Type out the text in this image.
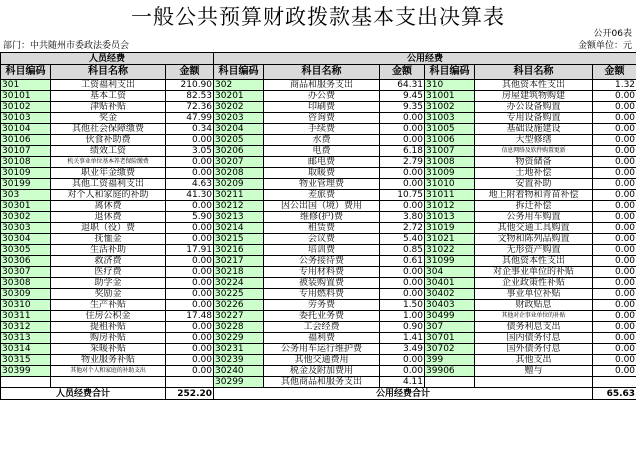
一般公共预算财政拨款基本支出决算表
公开06表
部门：中共随州市委政法委员会	金额单位：元
人员经费			公用经费					
科目编码	科目名称	金额	科目编码	科目名称	金额	科目编码	科目名称	金额
301	工资福利支出	210.90	302	商品和服务支出	64.31	310	其他资本性支出	1.32
30101	基本工资	82.53	30201	办公费	9.45	31001	房屋建筑物购建	0.00
30102	津贴补贴	72.36	30202	印刷费	9.35	31002	办公设备购置	0.00
30103	奖金	47.99	30203	咨询费	0.00	31003	专用设备购置	0.00
30104	其他社会保障缴费	0.34	30204	手续费	0.00	31005	基础设施建设	0.00
30106	伙食补助费	0.00	30205	水费	0.00	31006	大型修缮	0.00
30107	绩效工资	3.05	30206	电费	6.18	31007	信息网络及软件购置更新	0.00
30108	机关事业单位基本养老保险缴费	0.00	30207	邮电费	2.79	31008	物资储备	0.00
30109	职业年金缴费	0.00	30208	取暖费	0.00	31009	土地补偿	0.00
30199	其他工资福利支出	4.63	30209	物业管理费	0.00	31010	安置补助	0.00
303	对个人和家庭的补助	41.30	30211	差旅费	10.75	31011	地上附着物和青苗补偿	0.00
30301	离休费	0.00	30212	因公出国（境）费用	0.00	31012	拆迁补偿	0.00
30302	退休费	5.90	30213	维修(护)费	3.80	31013	公务用车购置	0.00
30303	退职（役）费	0.00	30214	租赁费	2.72	31019	其他交通工具购置	0.00
30304	抚恤金	0.00	30215	会议费	5.40	31021	文物和陈列品购置	0.00
30305	生活补助	17.91	30216	培训费	0.85	31022	无形资产购置	0.00
30306	救济费	0.00	30217	公务接待费	0.61	31099	其他资本性支出	0.00
30307	医疗费	0.00	30218	专用材料费	0.00	304	对企事业单位的补贴	0.00
30308	助学金	0.00	30224	被装购置费	0.00	30401	企业政策性补贴	0.00
30309	奖励金	0.00	30225	专用燃料费	0.00	30402	事业单位补贴	0.00
30310	生产补贴	0.00	30226	劳务费	1.50	30403	财政贴息	0.00
30311	住房公积金	17.48	30227	委托业务费	1.00	30499	其他对企事业单位的补贴	0.00
30312	提租补贴	0.00	30228	工会经费	0.90	307	债务利息支出	0.00
30313	购房补贴	0.00	30229	福利费	1.41	30701	国内债务付息	0.00
30314	采暖补贴	0.00	30231	公务用车运行维护费	3.49	30702	国外债务付息	0.00
30315	物业服务补贴	0.00	30239	其他交通费用	0.00	399	其他支出	0.00
30399	其他对个人和家庭的补助支出	0.00	30240	税金及附加费用	0.00	39906	赠与	0.00
			30299	其他商品和服务支出	4.11			
人员经费合计		252.20	公用经费合计					65.63
